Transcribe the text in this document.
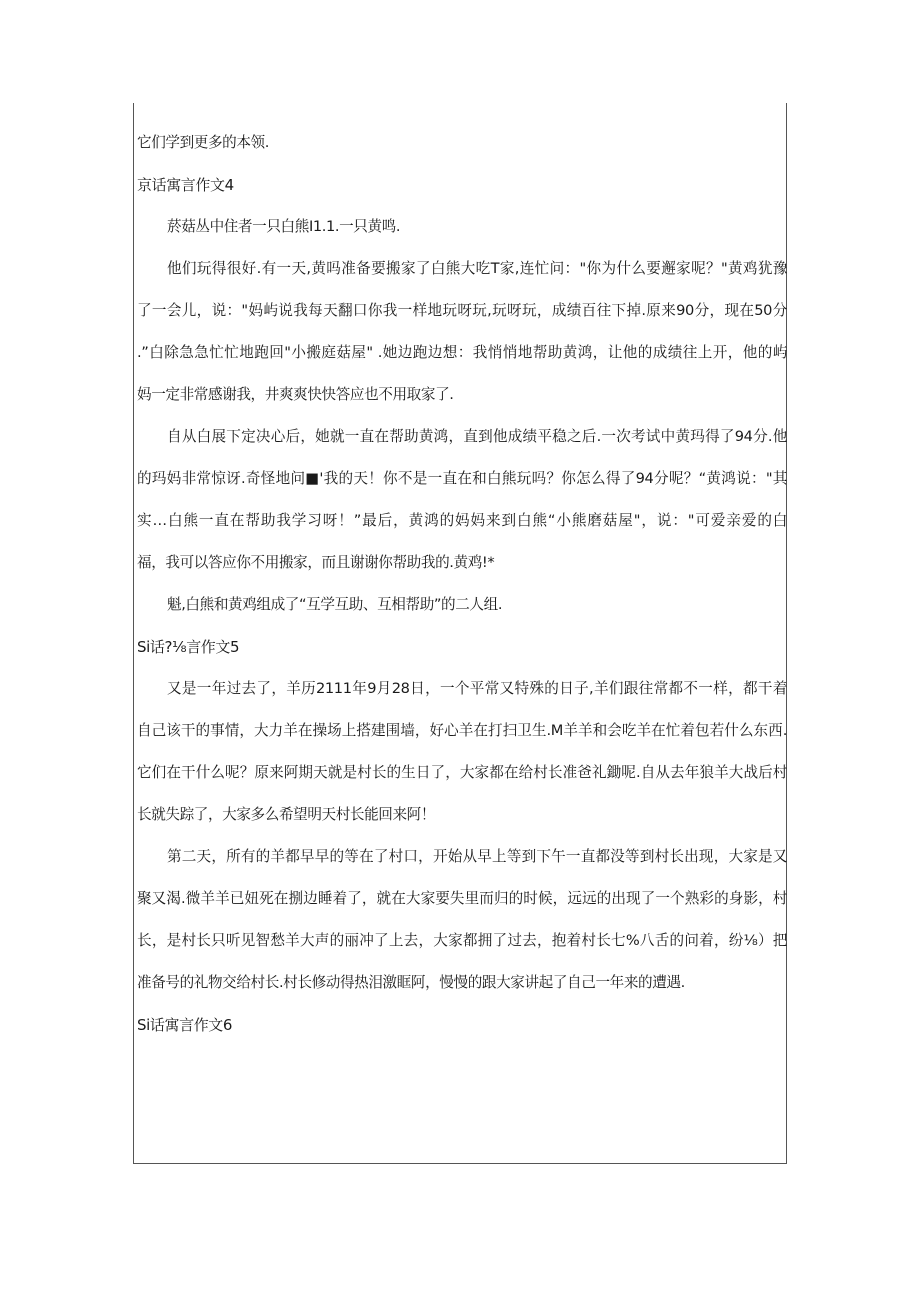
它们学到更多的本领.
京话寓言作文4
菸菇丛中住者一只白熊I1.1.一只黄鸣.
他们玩得很好.有一天,黄吗准备要搬家了白熊大吃T家,连忙问："你为什么要邂家呢？"黄鸡犹豫
了一会儿，说："妈屿说我每天翻口你我一样地玩呀玩,玩呀玩，成绩百往下掉.原来90分，现在50分
.”白除急急忙忙地跑回"小搬庭菇屋" .她边跑边想：我悄悄地帮助黄鸿，让他的成绩往上开，他的屿
妈一定非常感谢我，井爽爽快快答应也不用取家了.
自从白展下定决心后，她就一直在帮助黄鸿，直到他成绩平稳之后.一次考试中黄玛得了94分.他
的玛妈非常惊讶.奇怪地问■'我的天！你不是一直在和白熊玩吗？你怎么得了94分呢？“黄鸿说："其
实…白熊一直在帮助我学习呀！”最后，黄鸿的妈妈来到白熊“小熊磨菇屋"，说："可爱亲爱的白
福，我可以答应你不用搬家，而且谢谢你帮助我的.黄鸡!*
魁,白熊和黄鸡组成了“互学互助、互相帮助”的二人组.
Si话?⅛言作文5
又是一年过去了，羊历2111年9月28日，一个平常又特殊的日子,羊们跟往常都不一样，都干着
自己该干的事情，大力羊在操场上搭建围墙，好心羊在打扫卫生.M羊羊和会吃羊在忙着包若什么东西.
它们在干什么呢？原来阿期天就是村长的生日了，大家都在给村长准爸礼鋤呢.自从去年狼羊大战后村
长就失踪了，大家多么希望明天村长能回来阿！
第二天，所有的羊都早早的等在了村口，开始从早上等到下午一直都没等到村长出现，大家是又
聚又渴.微羊羊已妞死在捌边睡着了，就在大家要失里而归的时候，远远的出现了一个熟彩的身影，村
长，是村长只听见智愁羊大声的丽冲了上去，大家都拥了过去，抱着村长七%八舌的问着，纷⅛）把
准备号的礼物交给村长.村长修动得热泪激眶阿，慢慢的跟大家讲起了自己一年来的遭遇.
Si话寓言作文6
